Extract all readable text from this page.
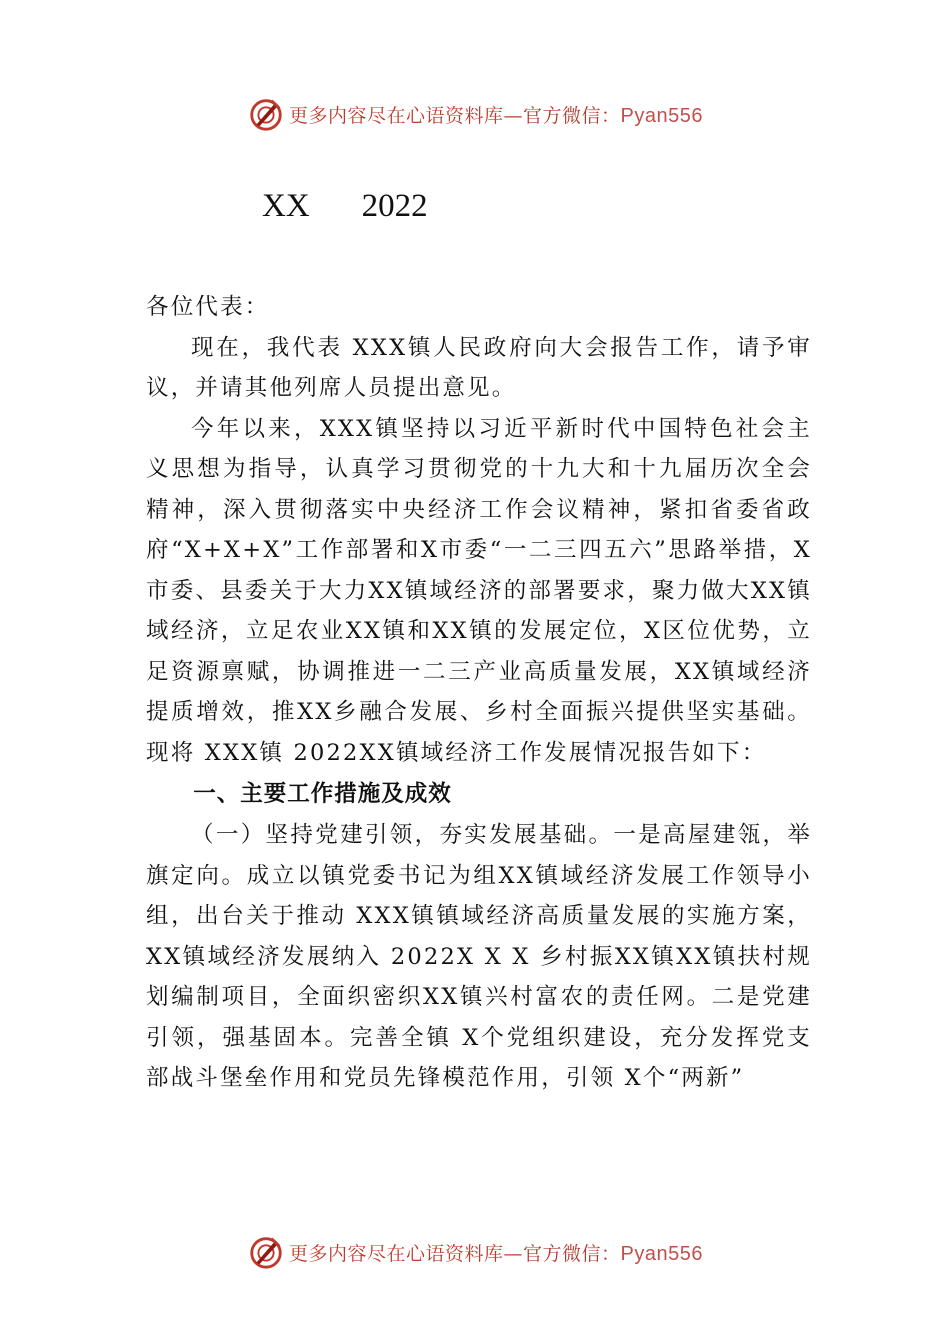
更多内容尽在心语资料库—官方微信：Pyan556
XX 2022

各位代表：

现在，我代表 XXX镇人民政府向大会报告工作，请予审议，并请其他列席人员提出意见。

今年以来，XXX镇坚持以习近平新时代中国特色社会主义思想为指导，认真学习贯彻党的十九大和十九届历次全会精神，深入贯彻落实中央经济工作会议精神，紧扣省委省政府“X+X+X”工作部署和X市委“一二三四五六”思路举措，X市委、县委关于大力XX镇域经济的部署要求，聚力做大XX镇域经济，立足农业XX镇和XX镇的发展定位，X区位优势，立足资源禀赋，协调推进一二三产业高质量发展，XX镇域经济提质增效，推XX乡融合发展、乡村全面振兴提供坚实基础。现将 XXX镇 2022XX镇域经济工作发展情况报告如下：

一、主要工作措施及成效

（一）坚持党建引领，夯实发展基础。一是高屋建瓴，举旗定向。成立以镇党委书记为组XX镇域经济发展工作领导小组，出台关于推动 XXX镇镇域经济高质量发展的实施方案，XX镇域经济发展纳入 2022X X X 乡村振XX镇XX镇扶村规划编制项目，全面织密织XX镇兴村富农的责任网。二是党建引领，强基固本。完善全镇 X个党组织建设，充分发挥党支部战斗堡垒作用和党员先锋模范作用，引领 X个“两新”

更多内容尽在心语资料库—官方微信：Pyan556
